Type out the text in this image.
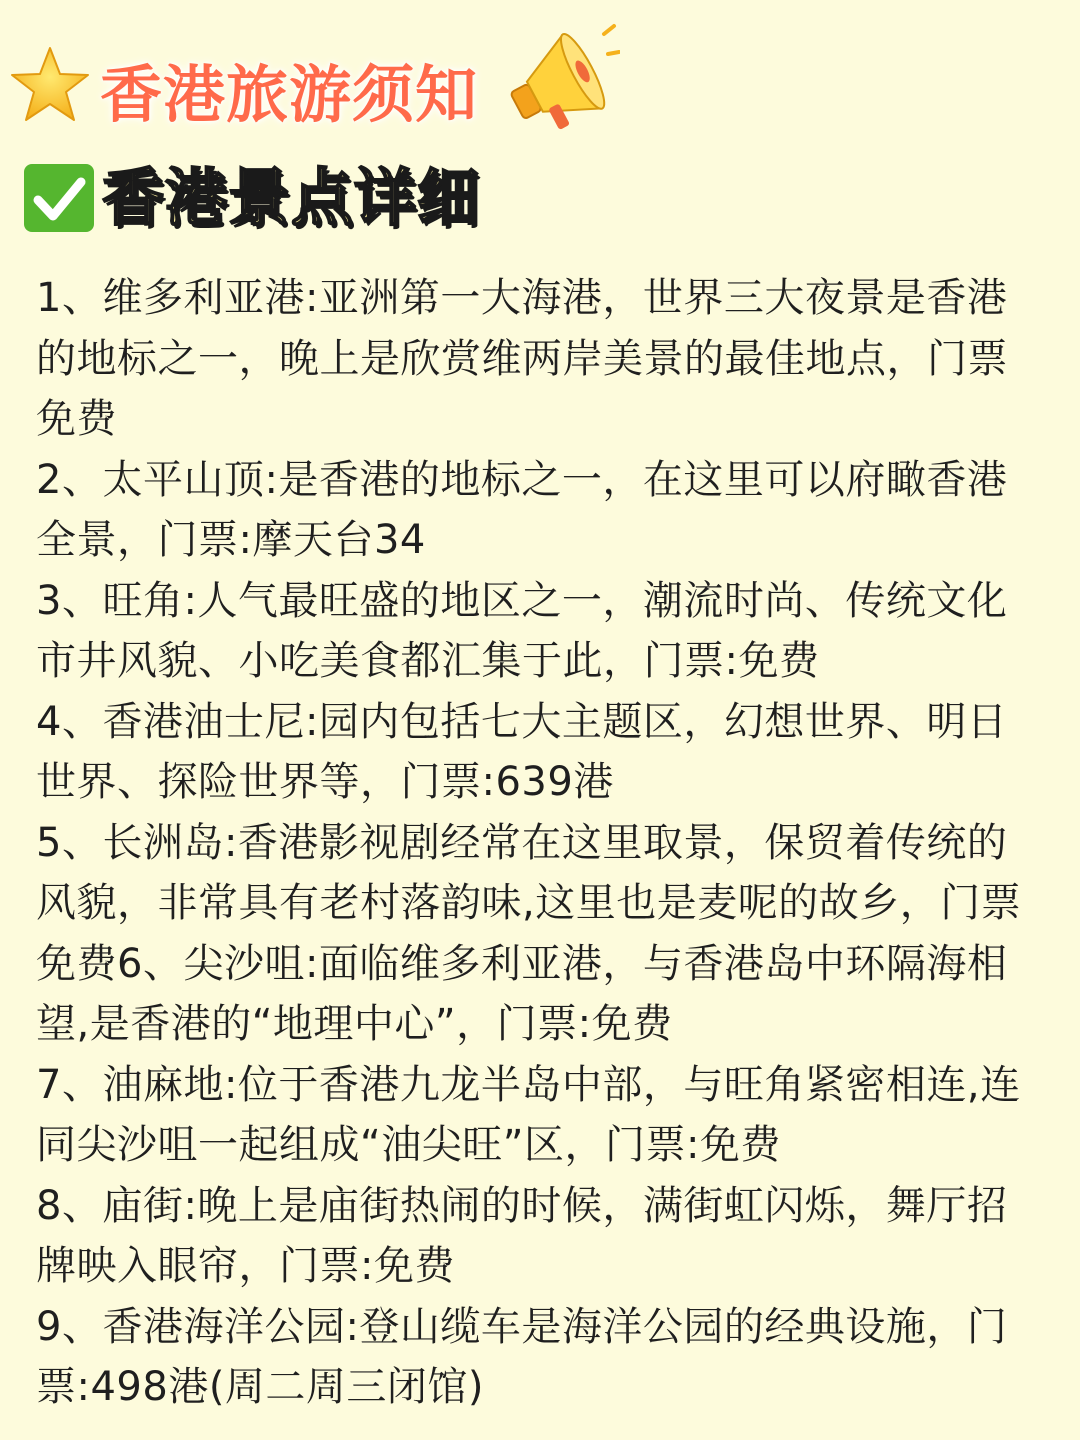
香港旅游须知
香港景点详细

1、维多利亚港:亚洲第一大海港，世界三大夜景是香港的地标之一，晚上是欣赏维两岸美景的最佳地点，门票免费

2、太平山顶:是香港的地标之一，在这里可以府瞰香港全景，门票:摩天台34

3、旺角:人气最旺盛的地区之一，潮流时尚、传统文化市井风貌、小吃美食都汇集于此，门票:免费

4、香港油士尼:园内包括七大主题区，幻想世界、明日世界、探险世界等，门票:639港

5、长洲岛:香港影视剧经常在这里取景，保贸着传统的风貌，非常具有老村落韵味,这里也是麦呢的故乡，门票免费6、尖沙咀:面临维多利亚港，与香港岛中环隔海相望,是香港的“地理中心”，门票:免费

7、油麻地:位于香港九龙半岛中部，与旺角紧密相连,连同尖沙咀一起组成“油尖旺”区，门票:免费

8、庙街:晚上是庙街热闹的时候，满街虹闪烁，舞厅招牌映入眼帘，门票:免费

9、香港海洋公园:登山缆车是海洋公园的经典设施，门票:498港(周二周三闭馆)
